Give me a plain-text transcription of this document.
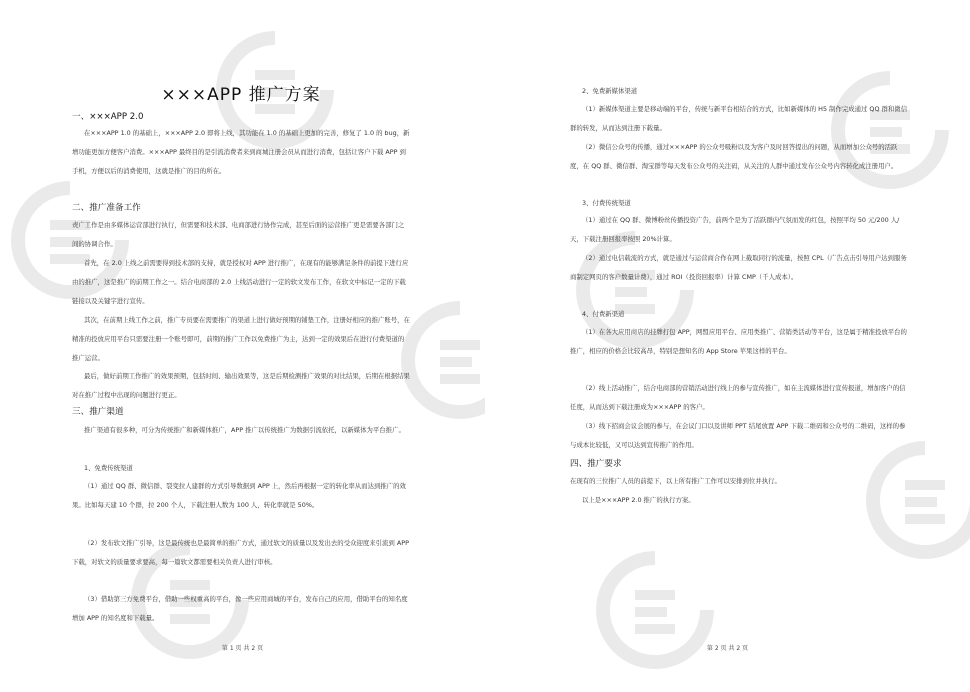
×××APP 推广方案
一、×××APP 2.0
在×××APP 1.0 的基础上，×××APP 2.0 即将上线，其功能在 1.0 的基础上更加的完善，修复了 1.0 的 bug，新增功能更加方便客户消费。×××APP 最终目的是引流消费者来到商城注册会员从而进行消费，包括让客户下载 APP 到手机，方便以后的消费使用，这就是推广的目的所在。
二、推广准备工作
责广工作是由多媒体运营部进行执行，但需要和技术部、电商部进行协作完成，甚至后面的运营推广更是需要各部门之间的协调合作。
首先，在 2.0 上线之前需要得到技术部的支持，就是授权对 APP 进行推广，在现有的能够满足条件的前提下进行应由的推广，这是推广的前期工作之一。结合电商部的 2.0 上线活动进行一定的软文发布工作，在软文中标记一定的下载链接以及关键字进行宣传。
其次，在前期上线工作之前，推广专员要在需要推广的渠道上进行做好预期的铺垫工作，注册好相应的推广账号，在精准的投放应用平台只需要注册一个账号即可，前期的推广工作以免费推广为主，达到一定的效果后在进行付费渠道的推广运营。
最后，做好前期工作推广的效果预期，包括时间、输出效果等，这是后期检测推广效果的对比结果，后期在根据结果对在推广过程中出现的问题进行更正。
三、推广渠道
推广渠道有很多种，可分为传统推广和新媒体推广，APP 推广以传统推广为数据引流依托，以新媒体为平台推广。
1、免费传统渠道
（1）通过 QQ 群、微信群、裂变拉人建群的方式引导数据到 APP 上，然后再根据一定的转化率从而达到推广的效果。比如每天建 10 个群，拉 200 个人，下载注册人数为 100 人，转化率就是 50%。
（2）发布软文推广引导，这是最传统也是最简单的推广方式，通过软文的质量以及发出去的受众迎度来引流到 APP 下载，对软文的质量要求要高，每一篇软文都需要相关负责人进行审核。
（3）借助第三方免费平台，借助一些权重高的平台，像一些应用商城的平台，发布自己的应用，借助平台的知名度增加 APP 的知名度和下载量。
第 1 页 共 2 页
2、免费新媒体渠道
（1）新媒体渠道主要是移动端的平台，传统与新平台相结合的方式，比如新媒体的 H5 制作完成通过 QQ 群和微信群的转发，从而达到注册下载量。
（2）微信公众号的传播，通过×××APP 的公众号吸粉以及为客户及时回答提出的问题，从而增加公众号的活跃度，在 QQ 群、微信群、淘宝群等每天发布公众号的关注码，从关注的人群中通过发布公众号内容转化成注册用户。
3、付费传统渠道
（1）通过在 QQ 群、微博粉丝传播投资广告，前两个是为了活跃群内气氛而发的红包，按照平均 50 元/200 人/天，下载注册回报率按照 20%计算。
（2）通过电信载流的方式，就是通过与运营商合作在网上截取同行的流量，按照 CPL（广告点击引导用户达到服务商制定网页的客户数量计费），通过 ROI（投资回报率）计算 CMP（千人成本）。
4、付费新渠道
（1）在各大应用商店的挂牌打包 APP，网盟应用平台、应用类推广、营销类活动等平台，这是属于精准投放平台的推广，相应的价格会比较高昂，特别是想知名的 App Store 苹果这样的平台。
（2）线上活动推广，结合电商部的营销活动进行线上的参与宣传推广，如在主流媒体进行宣传报道，增加客户的信任度，从而达到下载注册成为×××APP 的客户。
（3）线下招商会议会展的参与，在会议门口以及讲师 PPT 结尾放置 APP 下载二维码和公众号的二维码，这样的参与成本比较低，又可以达到宣传推广的作用。
四、推广要求
在现有的三位推广人员的前提下，以上所有推广工作可以安排到位并执行。
以上是×××APP 2.0 推广的执行方案。
第 2 页 共 2 页
